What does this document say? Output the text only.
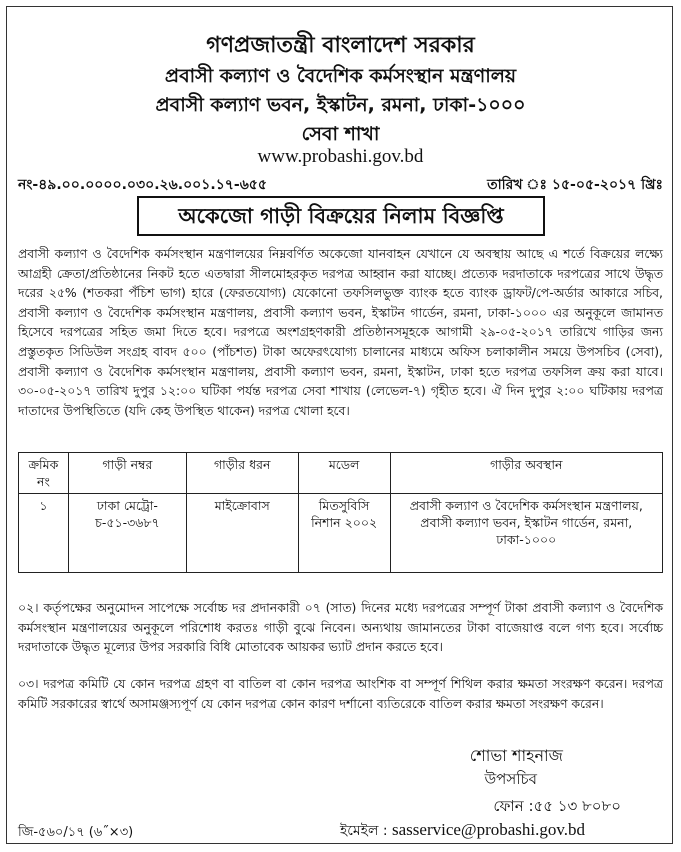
গণপ্রজাতন্ত্রী বাংলাদেশ সরকার
প্রবাসী কল্যাণ ও বৈদেশিক কর্মসংস্থান মন্ত্রণালয়
প্রবাসী কল্যাণ ভবন, ইস্কাটন, রমনা, ঢাকা-১০০০
সেবা শাখা
www.probashi.gov.bd
নং-৪৯.০০.০০০০.০৩০.২৬.০০১.১৭-৬৫৫	তারিখ ঃ ১৫-০৫-২০১৭ খ্রিঃ
অকেজো গাড়ী বিক্রয়ের নিলাম বিজ্ঞপ্তি
প্রবাসী কল্যাণ ও বৈদেশিক কর্মসংস্থান মন্ত্রণালয়ের নিম্নবর্ণিত অকেজো যানবাহন যেখানে যে অবস্থায় আছে এ শর্তে বিক্রয়ের লক্ষ্যে আগ্রহী ক্রেতা/প্রতিষ্ঠানের নিকট হতে এতদ্বারা সীলমোহরকৃত দরপত্র আহ্বান করা যাচ্ছে। প্রত্যেক দরদাতাকে দরপত্রের সাথে উদ্ধৃত দরের ২৫% (শতকরা পঁচিশ ভাগ) হারে (ফেরতযোগ্য) যেকোনো তফসিলভুক্ত ব্যাংক হতে ব্যাংক ড্রাফট/পে-অর্ডার আকারে সচিব, প্রবাসী কল্যাণ ও বৈদেশিক কর্মসংস্থান মন্ত্রণালয়, প্রবাসী কল্যাণ ভবন, ইস্কাটন গার্ডেন, রমনা, ঢাকা-১০০০ এর অনুকূলে জামানত হিসেবে দরপত্রের সহিত জমা দিতে হবে। দরপত্রে অংশগ্রহণকারী প্রতিষ্ঠানসমূহকে আগামী ২৯-০৫-২০১৭ তারিখে গাড়ির জন্য প্রস্তুতকৃত সিডিউল সংগ্রহ বাবদ ৫০০ (পাঁচশত) টাকা অফেরৎযোগ্য চালানের মাধ্যমে অফিস চলাকালীন সময়ে উপসচিব (সেবা), প্রবাসী কল্যাণ ও বৈদেশিক কর্মসংস্থান মন্ত্রণালয়, প্রবাসী কল্যাণ ভবন, রমনা, ইস্কাটন, ঢাকা হতে দরপত্র তফসিল ক্রয় করা যাবে। ৩০-০৫-২০১৭ তারিখ দুপুর ১২:০০ ঘটিকা পর্যন্ত দরপত্র সেবা শাখায় (লেভেল-৭) গৃহীত হবে। ঐ দিন দুপুর ২:০০ ঘটিকায় দরপত্র দাতাদের উপস্থিতিতে (যদি কেহ উপস্থিত থাকেন) দরপত্র খোলা হবে।
ক্রমিক নং	গাড়ী নম্বর	গাড়ীর ধরন	মডেল	গাড়ীর অবস্থান
১	ঢাকা মেট্রো-চ-৫১-৩৬৮৭	মাইক্রোবাস	মিতসুবিসি নিশান ২০০২	প্রবাসী কল্যাণ ও বৈদেশিক কর্মসংস্থান মন্ত্রণালয়, প্রবাসী কল্যাণ ভবন, ইস্কাটন গার্ডেন, রমনা, ঢাকা-১০০০
০২। কর্তৃপক্ষের অনুমোদন সাপেক্ষে সর্বোচ্চ দর প্রদানকারী ০৭ (সাত) দিনের মধ্যে দরপত্রের সম্পূর্ণ টাকা প্রবাসী কল্যাণ ও বৈদেশিক কর্মসংস্থান মন্ত্রণালয়ের অনুকূলে পরিশোধ করতঃ গাড়ী বুঝে নিবেন। অন্যথায় জামানতের টাকা বাজেয়াপ্ত বলে গণ্য হবে। সর্বোচ্চ দরদাতাকে উদ্ধৃত মূল্যের উপর সরকারি বিধি মোতাবেক আয়কর ভ্যাট প্রদান করতে হবে।
০৩। দরপত্র কমিটি যে কোন দরপত্র গ্রহণ বা বাতিল বা কোন দরপত্র আংশিক বা সম্পূর্ণ শিথিল করার ক্ষমতা সংরক্ষণ করেন। দরপত্র কমিটি সরকারের স্বার্থে অসামঞ্জস্যপূর্ণ যে কোন দরপত্র কোন কারণ দর্শানো ব্যতিরেকে বাতিল করার ক্ষমতা সংরক্ষণ করেন।
শোভা শাহনাজ
উপসচিব
ফোন :৫৫ ১৩ ৮০৮০
ইমেইল : sasservice@probashi.gov.bd
জি-৫৬০/১৭ (৬˝×৩)
